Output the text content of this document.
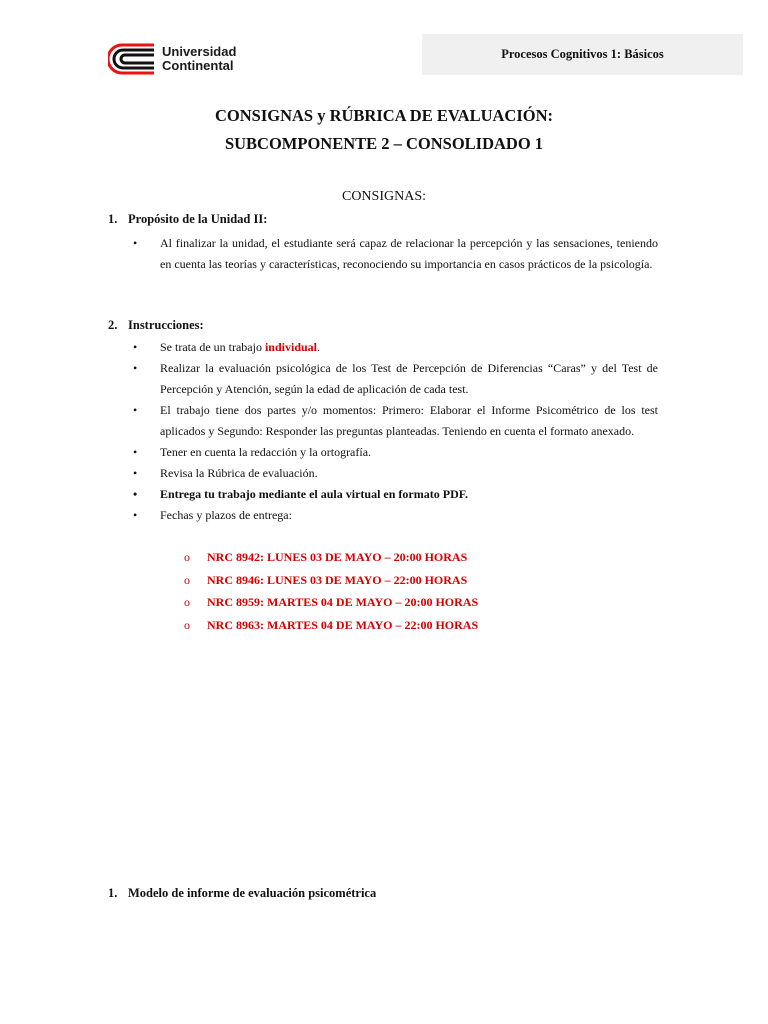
Universidad
Continental
Procesos Cognitivos 1: Básicos
CONSIGNAS y RÚBRICA DE EVALUACIÓN:
SUBCOMPONENTE 2 – CONSOLIDADO 1
CONSIGNAS:
1. Propósito de la Unidad II:
• Al finalizar la unidad, el estudiante será capaz de relacionar la percepción y las sensaciones, teniendo en cuenta las teorías y características, reconociendo su importancia en casos prácticos de la psicología.
2. Instrucciones:
• Se trata de un trabajo individual.
• Realizar la evaluación psicológica de los Test de Percepción de Diferencias “Caras” y del Test de Percepción y Atención, según la edad de aplicación de cada test.
• El trabajo tiene dos partes y/o momentos: Primero: Elaborar el Informe Psicométrico de los test aplicados y Segundo: Responder las preguntas planteadas. Teniendo en cuenta el formato anexado.
• Tener en cuenta la redacción y la ortografía.
• Revisa la Rúbrica de evaluación.
• Entrega tu trabajo mediante el aula virtual en formato PDF.
• Fechas y plazos de entrega:
o NRC 8942: LUNES 03 DE MAYO – 20:00 HORAS
o NRC 8946: LUNES 03 DE MAYO – 22:00 HORAS
o NRC 8959: MARTES 04 DE MAYO – 20:00 HORAS
o NRC 8963: MARTES 04 DE MAYO – 22:00 HORAS
1. Modelo de informe de evaluación psicométrica
